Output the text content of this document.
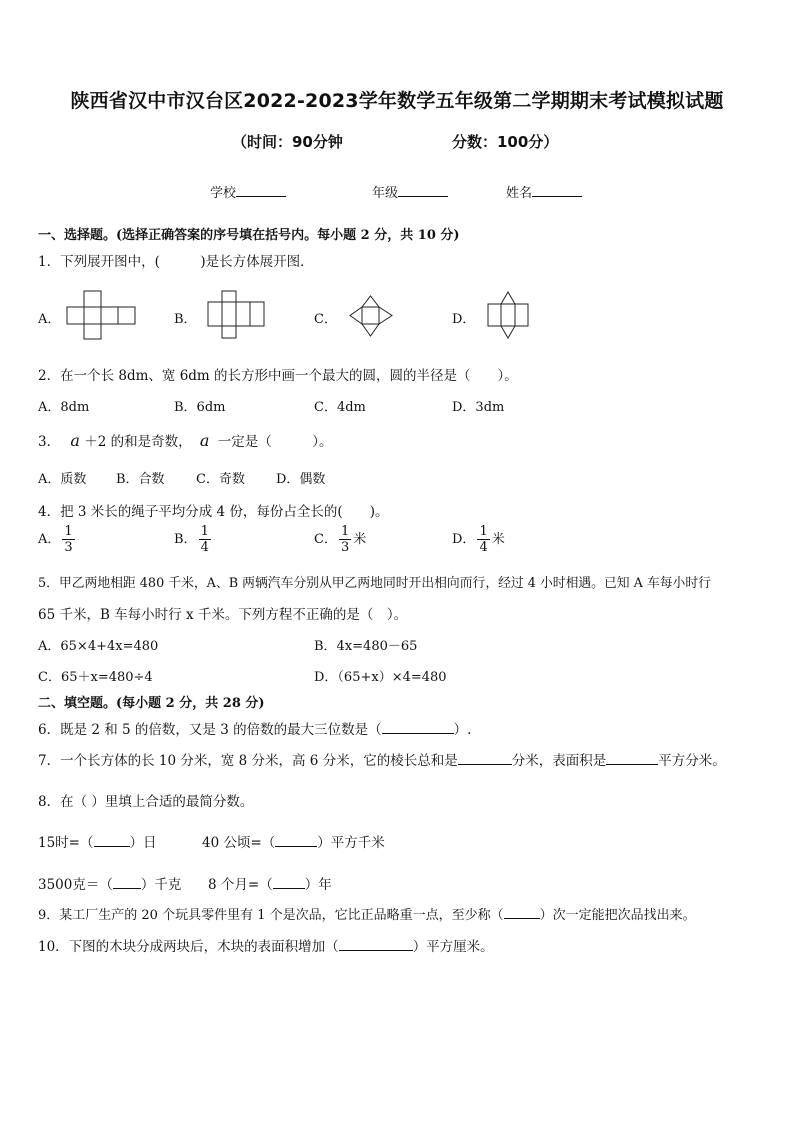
陕西省汉中市汉台区2022-2023学年数学五年级第二学期期末考试模拟试题
（时间：90分钟	分数：100分）
学校	年级	姓名
一、选择题。(选择正确答案的序号填在括号内。每小题 2 分，共 10 分)
1．下列展开图中，(　　　)是长方体展开图．
A．	B．	C．	D．
2．在一个长 8dm、宽 6dm 的长方形中画一个最大的圆，圆的半径是（　　）。
A．8dm	B．6dm	C．4dm	D．3dm
3． a ＋2 的和是奇数， a 一定是（　　　）。
A．质数 B．合数 C．奇数 D．偶数
4．把 3 米长的绳子平均分成 4 份，每份占全长的(　　)。
A． $\frac{1}{3}$	B． $\frac{1}{4}$	C． $\frac{1}{3}$ 米	D． $\frac{1}{4}$ 米
5．甲乙两地相距 480 千米，A、B 两辆汽车分别从甲乙两地同时开出相向而行，经过 4 小时相遇。已知 A 车每小时行
65 千米，B 车每小时行 x 千米。下列方程不正确的是（　）。
A．65×4+4x=480	B．4x=480－65
C．65＋x=480÷4	D．（65+x）×4=480
二、填空题。(每小题 2 分，共 28 分)
6．既是 2 和 5 的倍数，又是 3 的倍数的最大三位数是（	）.
7．一个长方体的长 10 分米，宽 8 分米，高 6 分米，它的棱长总和是	分米，表面积是	平方分米。
8．在（ ）里填上合适的最简分数。
15时=（	）日	40 公顷=（	）平方千米
3500克＝（ ）千克 8 个月=（ ）年
9．某工厂生产的 20 个玩具零件里有 1 个是次品，它比正品略重一点，至少称（	）次一定能把次品找出来。
10．下图的木块分成两块后，木块的表面积增加（	）平方厘米。
